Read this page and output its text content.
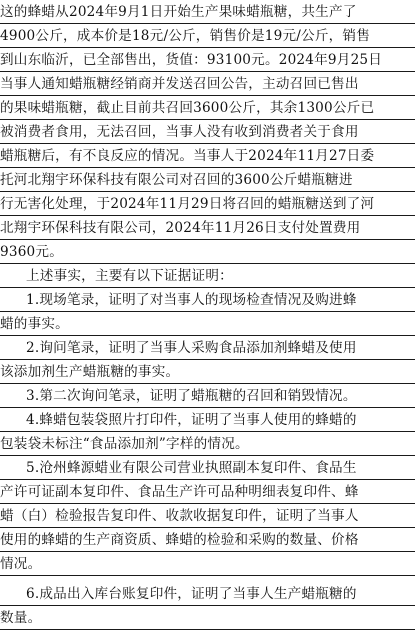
这的蜂蜡从2024年9月1日开始生产果味蜡瓶糖，共生产了
4900公斤，成本价是18元/公斤，销售价是19元/公斤，销售
到山东临沂，已全部售出，货值：93100元。2024年9月25日
当事人通知蜡瓶糖经销商并发送召回公告，主动召回已售出
的果味蜡瓶糖，截止目前共召回3600公斤，其余1300公斤已
被消费者食用，无法召回，当事人没有收到消费者关于食用
蜡瓶糖后，有不良反应的情况。当事人于2024年11月27日委
托河北翔宇环保科技有限公司对召回的3600公斤蜡瓶糖进
行无害化处理，于2024年11月29日将召回的蜡瓶糖送到了河
北翔宇环保科技有限公司，2024年11月26日支付处置费用
9360元。
上述事实，主要有以下证据证明：
1.现场笔录，证明了对当事人的现场检查情况及购进蜂
蜡的事实。
2.询问笔录，证明了当事人采购食品添加剂蜂蜡及使用
该添加剂生产蜡瓶糖的事实。
3.第二次询问笔录，证明了蜡瓶糖的召回和销毁情况。
4.蜂蜡包装袋照片打印件，证明了当事人使用的蜂蜡的
包装袋未标注“食品添加剂”字样的情况。
5.沧州蜂源蜡业有限公司营业执照副本复印件、食品生
产许可证副本复印件、食品生产许可品种明细表复印件、蜂
蜡（白）检验报告复印件、收款收据复印件，证明了当事人
使用的蜂蜡的生产商资质、蜂蜡的检验和采购的数量、价格
情况。
6.成品出入库台账复印件，证明了当事人生产蜡瓶糖的
数量。
